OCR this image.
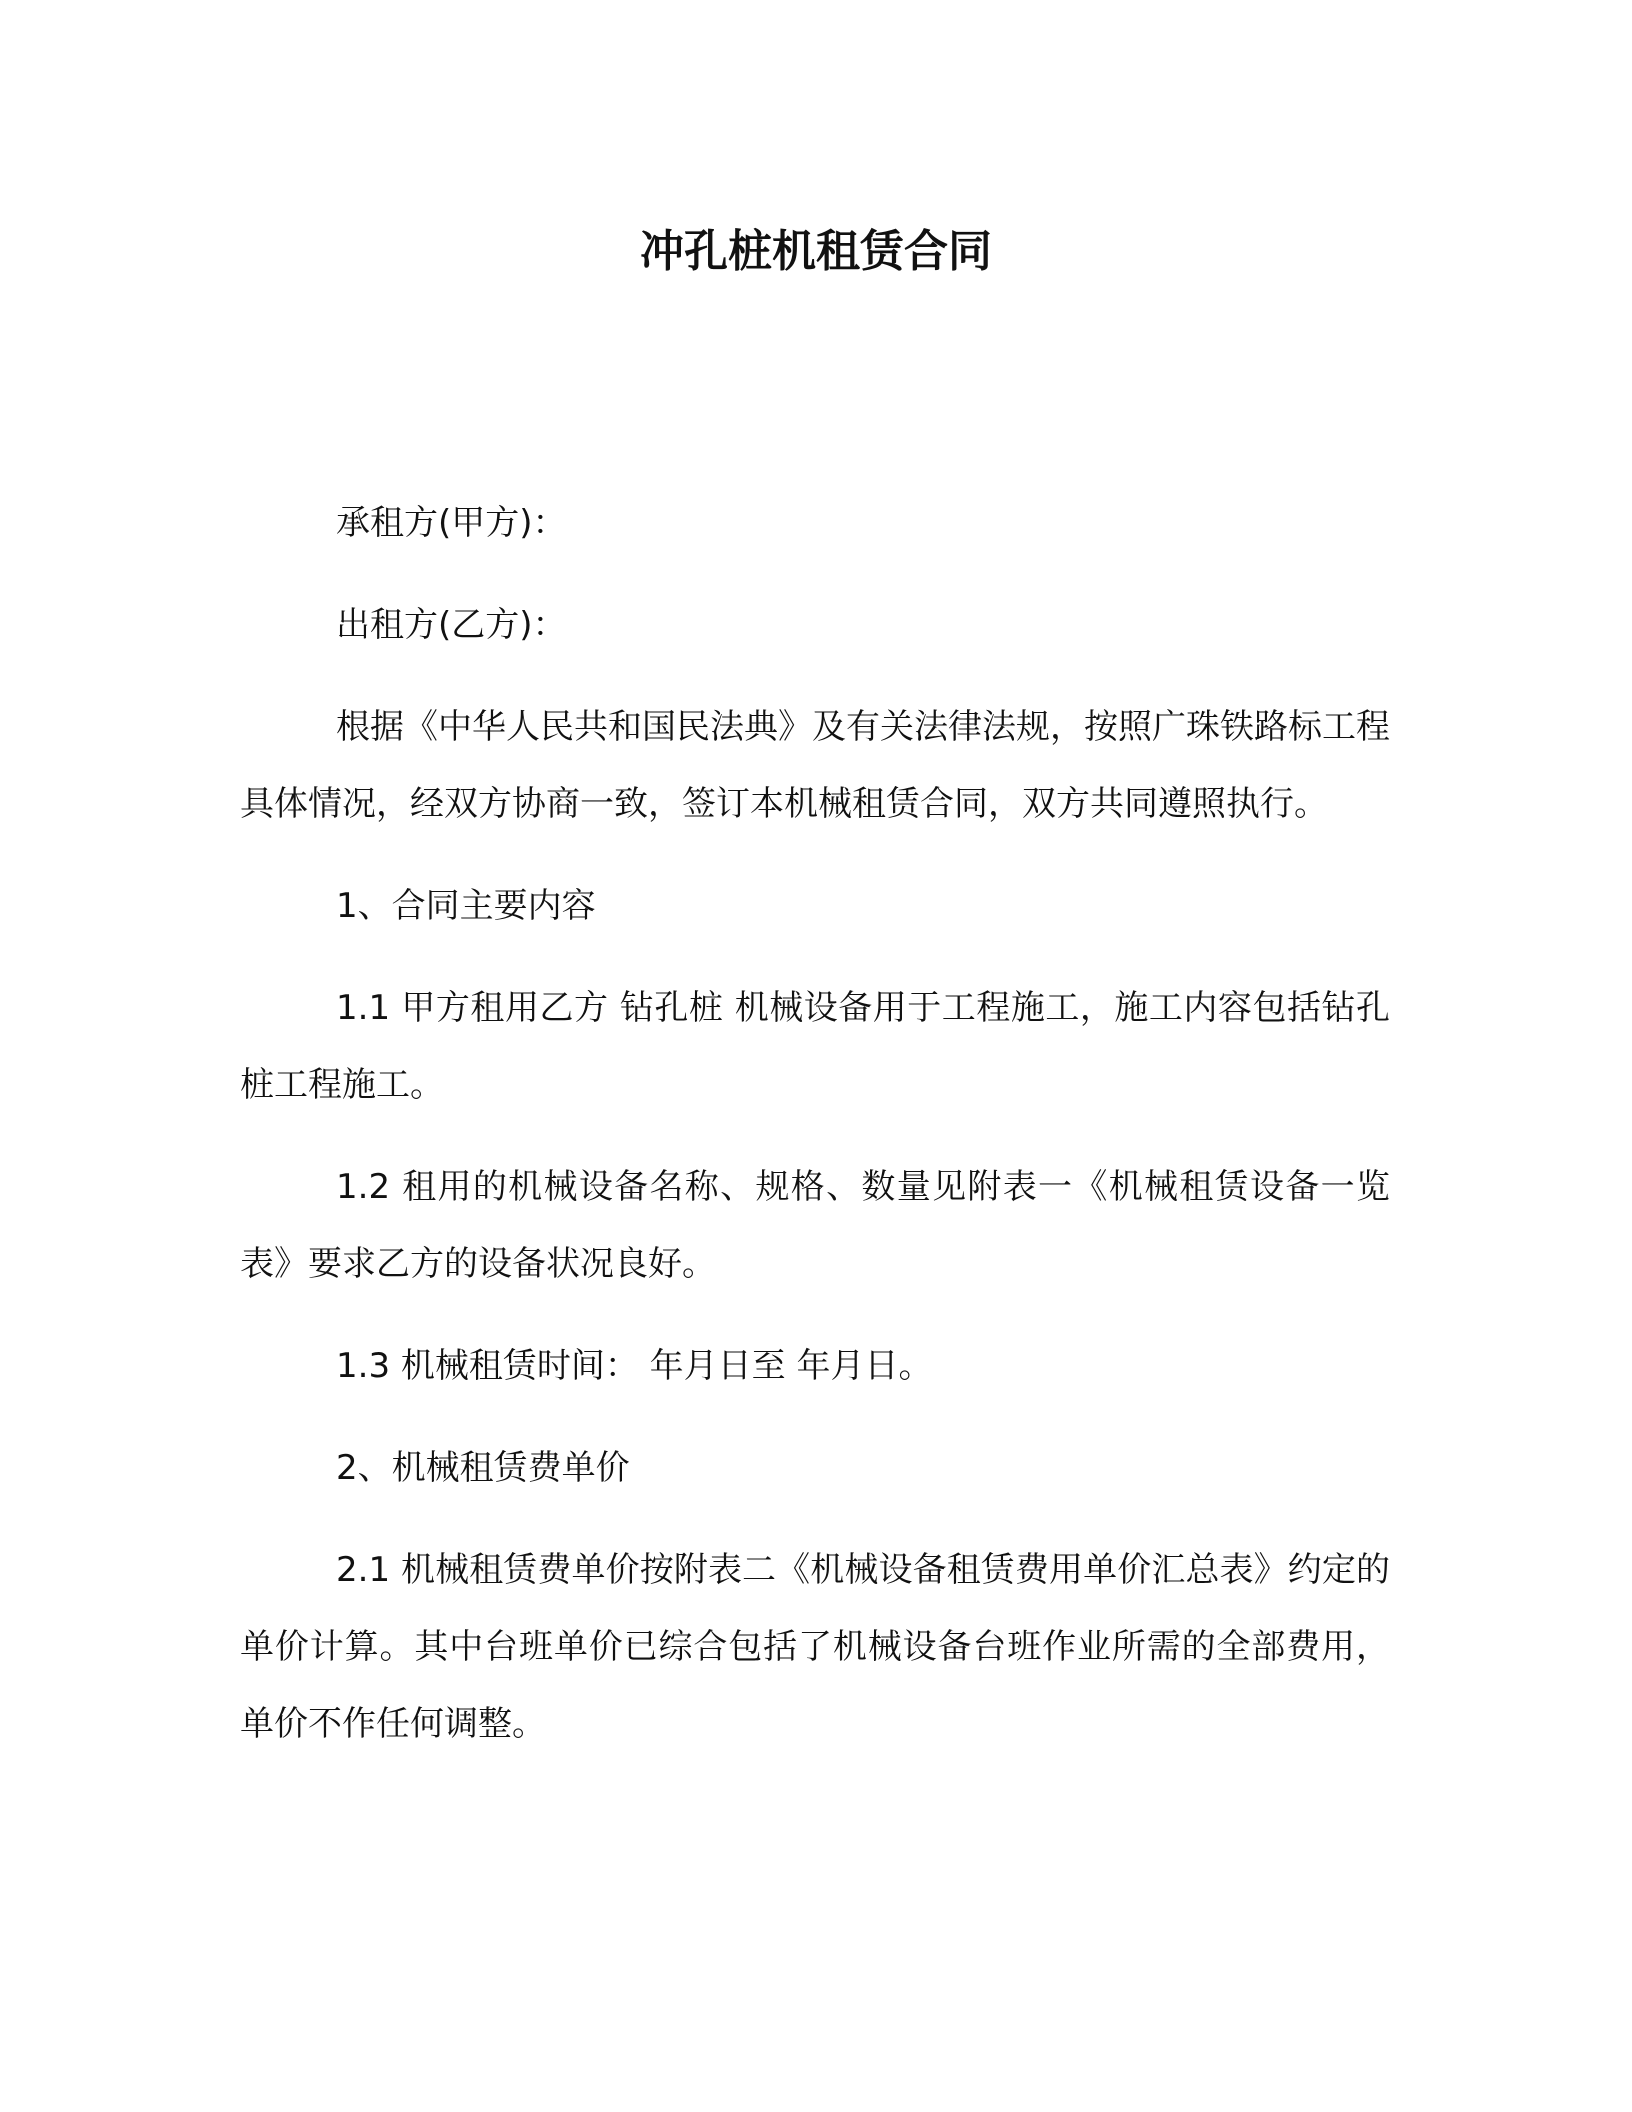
冲孔桩机租赁合同

承租方(甲方)：

出租方(乙方)：

根据《中华人民共和国民法典》及有关法律法规，按照广珠铁路标工程具体情况，经双方协商一致，签订本机械租赁合同，双方共同遵照执行。

1、合同主要内容

1.1 甲方租用乙方 钻孔桩 机械设备用于工程施工，施工内容包括钻孔桩工程施工。

1.2 租用的机械设备名称、规格、数量见附表一《机械租赁设备一览表》要求乙方的设备状况良好。

1.3 机械租赁时间： 年月日至 年月日。

2、机械租赁费单价

2.1 机械租赁费单价按附表二《机械设备租赁费用单价汇总表》约定的单价计算。其中台班单价已综合包括了机械设备台班作业所需的全部费用，单价不作任何调整。
